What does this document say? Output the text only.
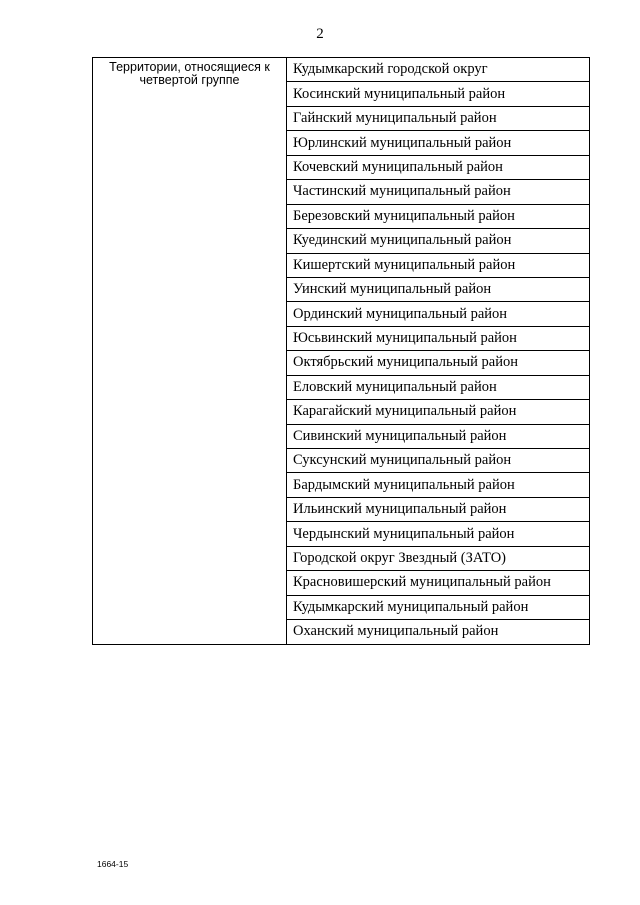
2
Территории, относящиеся к четвертой группе	Кудымкарский городской округ
Косинский муниципальный район
Гайнский муниципальный район
Юрлинский муниципальный район
Кочевский муниципальный район
Частинский муниципальный район
Березовский муниципальный район
Куединский муниципальный район
Кишертский муниципальный район
Уинский муниципальный район
Ординский муниципальный район
Юсьвинский муниципальный район
Октябрьский муниципальный район
Еловский муниципальный район
Карагайский муниципальный район
Сивинский муниципальный район
Суксунский муниципальный район
Бардымский муниципальный район
Ильинский муниципальный район
Чердынский муниципальный район
Городской округ Звездный (ЗАТО)
Красновишерский муниципальный район
Кудымкарский муниципальный район
Оханский муниципальный район
1664-15
